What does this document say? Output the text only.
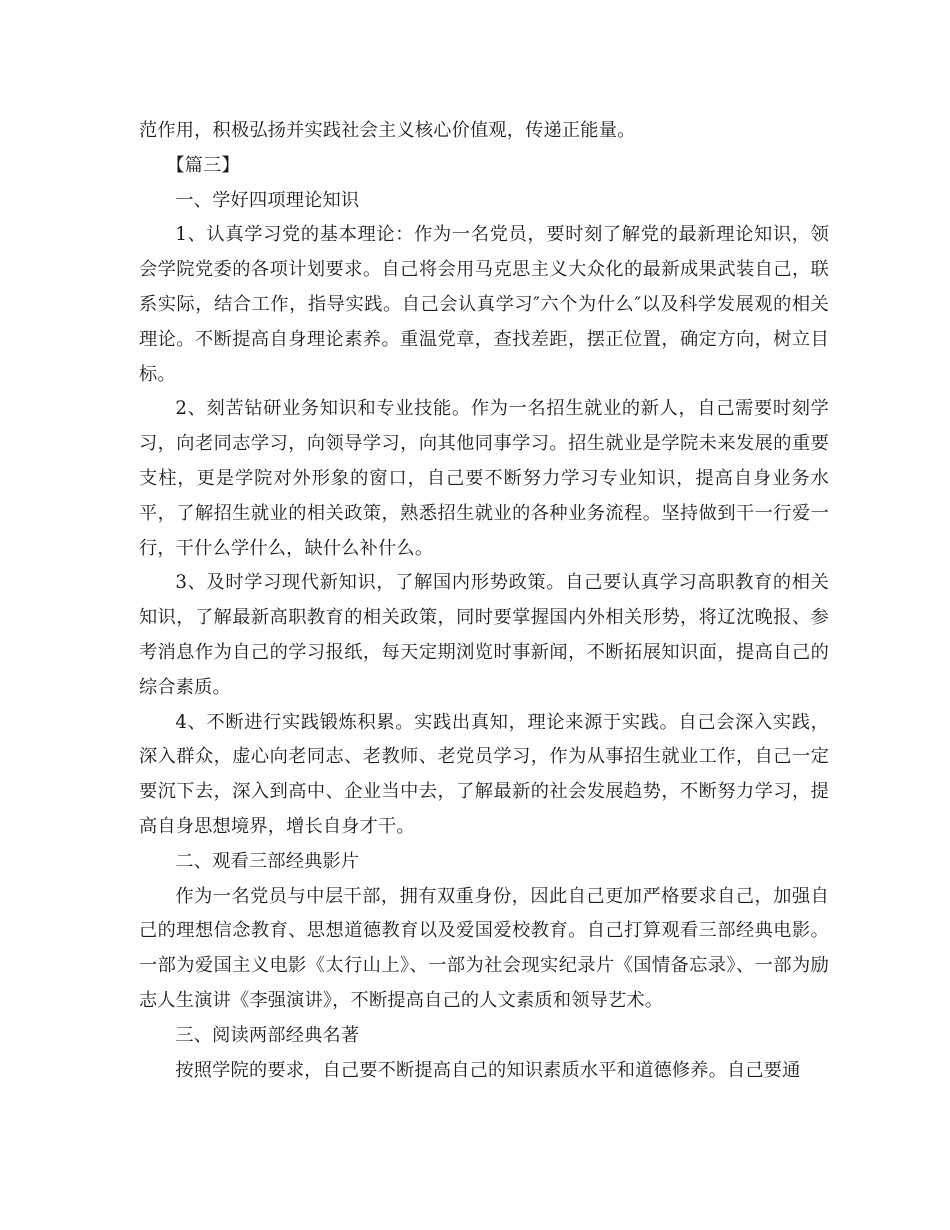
范作用，积极弘扬并实践社会主义核心价值观，传递正能量。

【篇三】

一、学好四项理论知识

1、认真学习党的基本理论：作为一名党员，要时刻了解党的最新理论知识，领会学院党委的各项计划要求。自己将会用马克思主义大众化的最新成果武装自己，联系实际，结合工作，指导实践。自己会认真学习″六个为什么″以及科学发展观的相关理论。不断提高自身理论素养。重温党章，查找差距，摆正位置，确定方向，树立目标。

2、刻苦钻研业务知识和专业技能。作为一名招生就业的新人，自己需要时刻学习，向老同志学习，向领导学习，向其他同事学习。招生就业是学院未来发展的重要支柱，更是学院对外形象的窗口，自己要不断努力学习专业知识，提高自身业务水平，了解招生就业的相关政策，熟悉招生就业的各种业务流程。坚持做到干一行爱一行，干什么学什么，缺什么补什么。

3、及时学习现代新知识，了解国内形势政策。自己要认真学习高职教育的相关知识，了解最新高职教育的相关政策，同时要掌握国内外相关形势，将辽沈晚报、参考消息作为自己的学习报纸，每天定期浏览时事新闻，不断拓展知识面，提高自己的综合素质。

4、不断进行实践锻炼积累。实践出真知，理论来源于实践。自己会深入实践，深入群众，虚心向老同志、老教师、老党员学习，作为从事招生就业工作，自己一定要沉下去，深入到高中、企业当中去，了解最新的社会发展趋势，不断努力学习，提高自身思想境界，增长自身才干。

二、观看三部经典影片

作为一名党员与中层干部，拥有双重身份，因此自己更加严格要求自己，加强自己的理想信念教育、思想道德教育以及爱国爱校教育。自己打算观看三部经典电影。一部为爱国主义电影《太行山上》、一部为社会现实纪录片《国情备忘录》、一部为励志人生演讲《李强演讲》，不断提高自己的人文素质和领导艺术。

三、阅读两部经典名著

按照学院的要求，自己要不断提高自己的知识素质水平和道德修养。自己要通
